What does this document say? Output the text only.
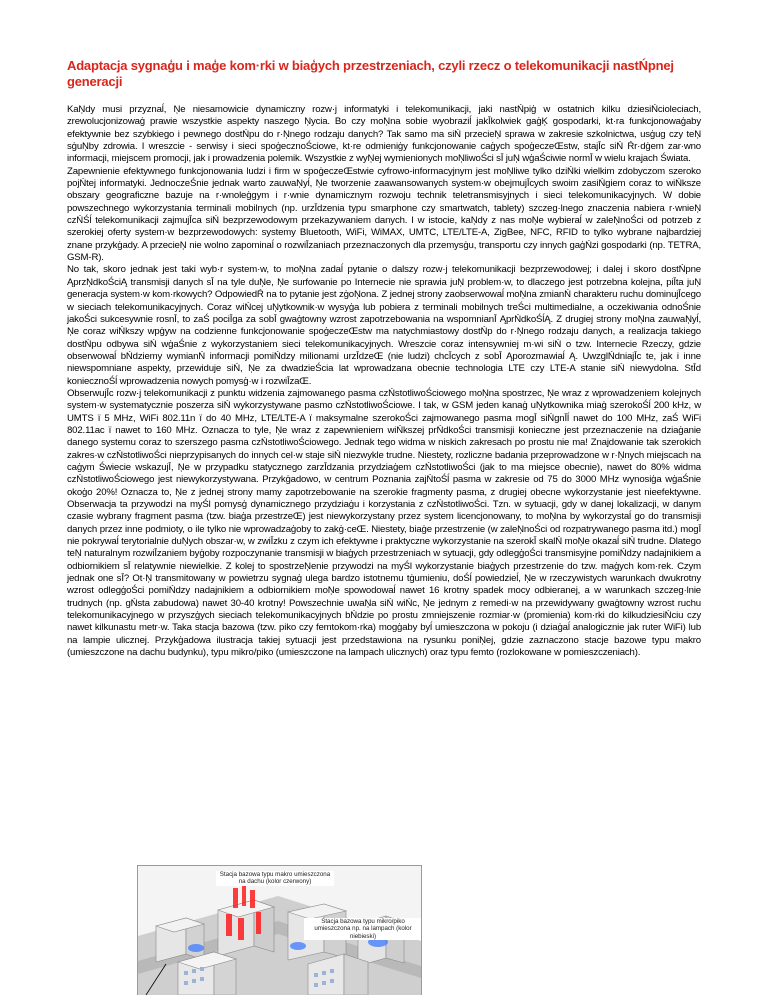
Adaptacja sygnaģu i maģe kom·rki w biaģych przestrzeniach, czyli rzecz o telekomunikacji nastŃpnej generacji

KaŅdy musi przyznaĺ, Ņe niesamowicie dynamiczny rozw·j informatyki i telekomunikacji, jaki nastŃpiģ w ostatnich kilku dziesiŃcioleciach, zrewolucjonizowaģ prawie wszystkie aspekty naszego Ņycia. Bo czy moŅna sobie wyobraziĺ jakĪkolwiek gaģĶ gospodarki, kt·ra funkcjonowaģaby efektywnie bez szybkiego i pewnego dostŃpu do r·Ņnego rodzaju danych? Tak samo ma siŃ przecieŅ sprawa w zakresie szkolnictwa, usģug czy teŅ sģuŅby zdrowia. I wreszcie - serwisy i sieci spoģecznoŚciowe, kt·re odmieniģy funkcjonowanie caģych spoģeczeŒstw, stajĪc siŃ Ŕr·dģem zar·wno informacji, miejscem promocji, jak i prowadzenia polemik. Wszystkie z wyŅej wymienionych moŅliwoŚci sĪ juŅ wģaŚciwie normĪ w wielu krajach Świata.

Zapewnienie efektywnego funkcjonowania ludzi i firm w spoģeczeŒstwie cyfrowo-informacyjnym jest moŅliwe tylko dziŃki wielkim zdobyczom szeroko pojŃtej informatyki. JednoczeŚnie jednak warto zauwaŅyĺ, Ņe tworzenie zaawansowanych system·w obejmujĪcych swoim zasiŃgiem coraz to wiŃksze obszary geograficzne bazuje na r·wnoleģgym i r·wnie dynamicznym rozwoju technik teletransmisyjnych i sieci telekomunikacyjnych. W dobie powszechnego wykorzystania terminali mobilnych (np. urzĪdzenia typu smarphone czy smartwatch, tablety) szczeg·lnego znaczenia nabiera r·wnieŅ czŃŚĺ telekomunikacji zajmujĪca siŃ bezprzewodowym przekazywaniem danych. I w istocie, kaŅdy z nas moŅe wybieraĺ w zaleŅnoŚci od potrzeb z szerokiej oferty system·w bezprzewodowych: systemy Bluetooth, WiFi, WiMAX, UMTC, LTE/LTE-A, ZigBee, NFC, RFID to tylko wybrane najbardziej znane przykģady. A przecieŅ nie wolno zapominaĺ o rozwiĪzaniach przeznaczonych dla przemysģu, transportu czy innych gaģŃzi gospodarki (np. TETRA, GSM-R).

No tak, skoro jednak jest taki wyb·r system·w, to moŅna zadaĺ pytanie o dalszy rozw·j telekomunikacji bezprzewodowej; i dalej i skoro dostŃpne ĄprzŅdkoŚciĄ transmisji danych sĪ na tyle duŅe, Ņe surfowanie po Internecie nie sprawia juŅ problem·w, to dlaczego jest potrzebna kolejna, piĪta juŅ generacja system·w kom·rkowych? OdpowiedŔ na to pytanie jest zģoŅona. Z jednej strony zaobserwowaĺ moŅna zmianŃ charakteru ruchu dominujĪcego w sieciach telekomunikacyjnych. Coraz wiŃcej uŅytkownik·w wysyģa lub pobiera z terminali mobilnych treŚci multimedialne, a oczekiwania odnoŚnie jakoŚci sukcesywnie rosnĪ, to zaŚ pociĪga za sobĪ gwaģtowny wzrost zapotrzebowania na wspomnianĪ ĄprŃdkoŚĺĄ. Z drugiej strony moŅna zauwaŅyĺ, Ņe coraz wiŃkszy wpģyw na codzienne funkcjonowanie spoģeczeŒstw ma natychmiastowy dostŃp do r·Ņnego rodzaju danych, a realizacja takiego dostŃpu odbywa siŃ wģaŚnie z wykorzystaniem sieci telekomunikacyjnych. Wreszcie coraz intensywniej m·wi siŃ o tzw. Internecie Rzeczy, gdzie obserwowaĺ bŃdziemy wymianŃ informacji pomiŃdzy milionami urzĪdzeŒ (nie ludzi) chcĪcych z sobĪ Ąporozmawiaĺ Ą. UwzglŃdniajĪc te, jak i inne niewspomniane aspekty, przewiduje siŃ, Ņe za dwadzieŚcia lat wprowadzana obecnie technologia LTE czy LTE-A stanie siŃ niewydolna. StĪd koniecznoŚĺ wprowadzenia nowych pomysģ·w i rozwiĪzaŒ.

ObserwujĪc rozw·j telekomunikacji z punktu widzenia zajmowanego pasma czŃstotliwoŚciowego moŅna spostrzec, Ņe wraz z wprowadzeniem kolejnych system·w systematycznie poszerza siŃ wykorzystywane pasmo czŃstotliwoŚciowe. I tak, w GSM jeden kanaģ uŅytkownika miaģ szerokoŚĺ 200 kHz, w UMTS ï 5 MHz, WiFi 802.11n ï do 40 MHz, LTE/LTE-A ï maksymalne szerokoŚci zajmowanego pasma mogĪ siŃgnĪĺ nawet do 100 MHz, zaŚ WiFi 802.11ac ï nawet to 160 MHz. Oznacza to tyle, Ņe wraz z zapewnieniem wiŃkszej prŃdkoŚci transmisji konieczne jest przeznaczenie na dziaģanie danego systemu coraz to szerszego pasma czŃstotliwoŚciowego. Jednak tego widma w niskich zakresach po prostu nie ma! Znajdowanie tak szerokich zakres·w czŃstotliwoŚci nieprzypisanych do innych cel·w staje siŃ niezwykle trudne. Niestety, rozliczne badania przeprowadzone w r·Ņnych miejscach na caģym Świecie wskazujĪ, Ņe w przypadku statycznego zarzĪdzania przydziaģem czŃstotliwoŚci (jak to ma miejsce obecnie), nawet do 80% widma czŃstotliwoŚciowego jest niewykorzystywana. Przykģadowo, w centrum Poznania zajŃtoŚĺ pasma w zakresie od 75 do 3000 MHz wynosiģa wģaŚnie okoģo 20%! Oznacza to, Ņe z jednej strony mamy zapotrzebowanie na szerokie fragmenty pasma, z drugiej obecne wykorzystanie jest nieefektywne. Obserwacja ta przywodzi na myŚl pomysģ dynamicznego przydziaģu i korzystania z czŃstotliwoŚci. Tzn. w sytuacji, gdy w danej lokalizacji, w danym czasie wybrany fragment pasma (tzw. biaģa przestrzeŒ) jest niewykorzystany przez system licencjonowany, to moŅna by wykorzystaĺ go do transmisji danych przez inne podmioty, o ile tylko nie wprowadzaģoby to zakģ·ceŒ. Niestety, biaģe przestrzenie (w zaleŅnoŚci od rozpatrywanego pasma itd.) mogĪ nie pokrywaĺ terytorialnie duŅych obszar·w, w zwiĪzku z czym ich efektywne i praktyczne wykorzystanie na szerokĪ skalŃ moŅe okazaĺ siŃ trudne. Dlatego teŅ naturalnym rozwiĪzaniem byģoby rozpoczynanie transmisji w biaģych przestrzeniach w sytuacji, gdy odlegģoŚci transmisyjne pomiŃdzy nadajnikiem a odbiornikiem sĪ relatywnie niewielkie. Z kolej to spostrzeŅenie przywodzi na myŚl wykorzystanie biaģych przestrzenie do tzw. maģych kom·rek. Czym jednak one sĪ? Ot·Ņ transmitowany w powietrzu sygnaģ ulega bardzo istotnemu tģumieniu, doŚĺ powiedzieĺ, Ņe w rzeczywistych warunkach dwukrotny wzrost odlegģoŚci pomiŃdzy nadajnikiem a odbiornikiem moŅe spowodowaĺ nawet 16 krotny spadek mocy odbieranej, a w warunkach szczeg·lnie trudnych (np. gŃsta zabudowa) nawet 30-40 krotny! Powszechnie uwaŅa siŃ wiŃc, Ņe jednym z remedi·w na przewidywany gwaģtowny wzrost ruchu telekomunikacyjnego w przyszģych sieciach telekomunikacyjnych bŃdzie po prostu zmniejszenie rozmiar·w (promienia) kom·rki do kilkudziesiŃciu czy nawet kilkunastu metr·w. Taka stacja bazowa (tzw. piko czy femtokom·rka) mogģaby byĺ umieszczona w pokoju (i dziaģaĺ analogicznie jak ruter WiFi) lub na lampie ulicznej. Przykģadowa ilustracja takiej sytuacji jest przedstawiona na rysunku poniŅej, gdzie zaznaczono stacje bazowe typu makro (umieszczone na dachu budynku), typu mikro/piko (umieszczone na lampach ulicznych) oraz typu femto (rozlokowane w pomieszczeniach).

Stacja bazowa typu makro umieszczona na dachu (kolor czerwony)
Stacja bazowa typu mikro/piko umieszczona np. na lampach (kolor niebieski)
